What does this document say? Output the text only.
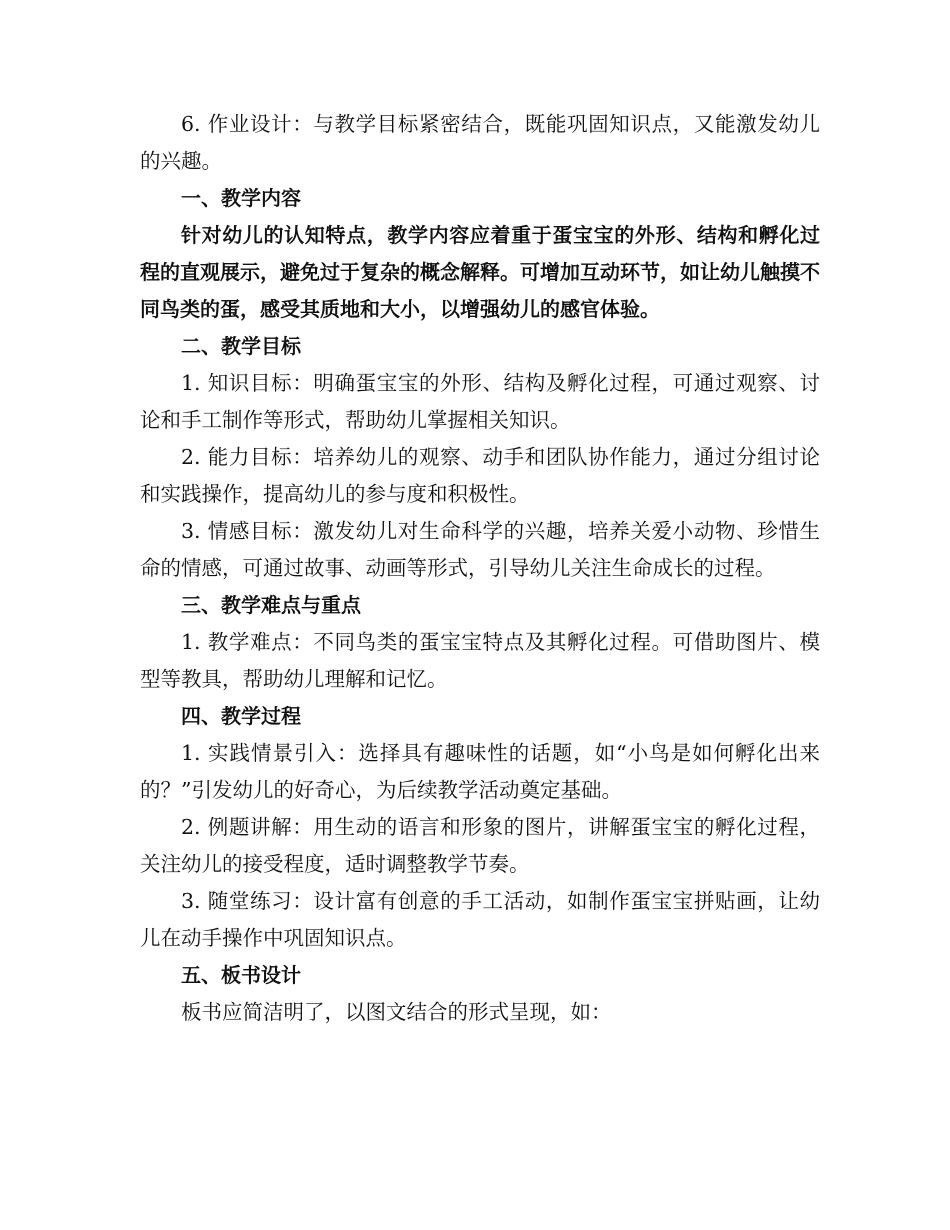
6. 作业设计：与教学目标紧密结合，既能巩固知识点，又能激发幼儿的兴趣。

一、教学内容

针对幼儿的认知特点，教学内容应着重于蛋宝宝的外形、结构和孵化过程的直观展示，避免过于复杂的概念解释。可增加互动环节，如让幼儿触摸不同鸟类的蛋，感受其质地和大小，以增强幼儿的感官体验。

二、教学目标

1. 知识目标：明确蛋宝宝的外形、结构及孵化过程，可通过观察、讨论和手工制作等形式，帮助幼儿掌握相关知识。

2. 能力目标：培养幼儿的观察、动手和团队协作能力，通过分组讨论和实践操作，提高幼儿的参与度和积极性。

3. 情感目标：激发幼儿对生命科学的兴趣，培养关爱小动物、珍惜生命的情感，可通过故事、动画等形式，引导幼儿关注生命成长的过程。

三、教学难点与重点

1. 教学难点：不同鸟类的蛋宝宝特点及其孵化过程。可借助图片、模型等教具，帮助幼儿理解和记忆。

四、教学过程

1. 实践情景引入：选择具有趣味性的话题，如“小鸟是如何孵化出来的？”引发幼儿的好奇心，为后续教学活动奠定基础。

2. 例题讲解：用生动的语言和形象的图片，讲解蛋宝宝的孵化过程，关注幼儿的接受程度，适时调整教学节奏。

3. 随堂练习：设计富有创意的手工活动，如制作蛋宝宝拼贴画，让幼儿在动手操作中巩固知识点。

五、板书设计

板书应简洁明了，以图文结合的形式呈现，如：
